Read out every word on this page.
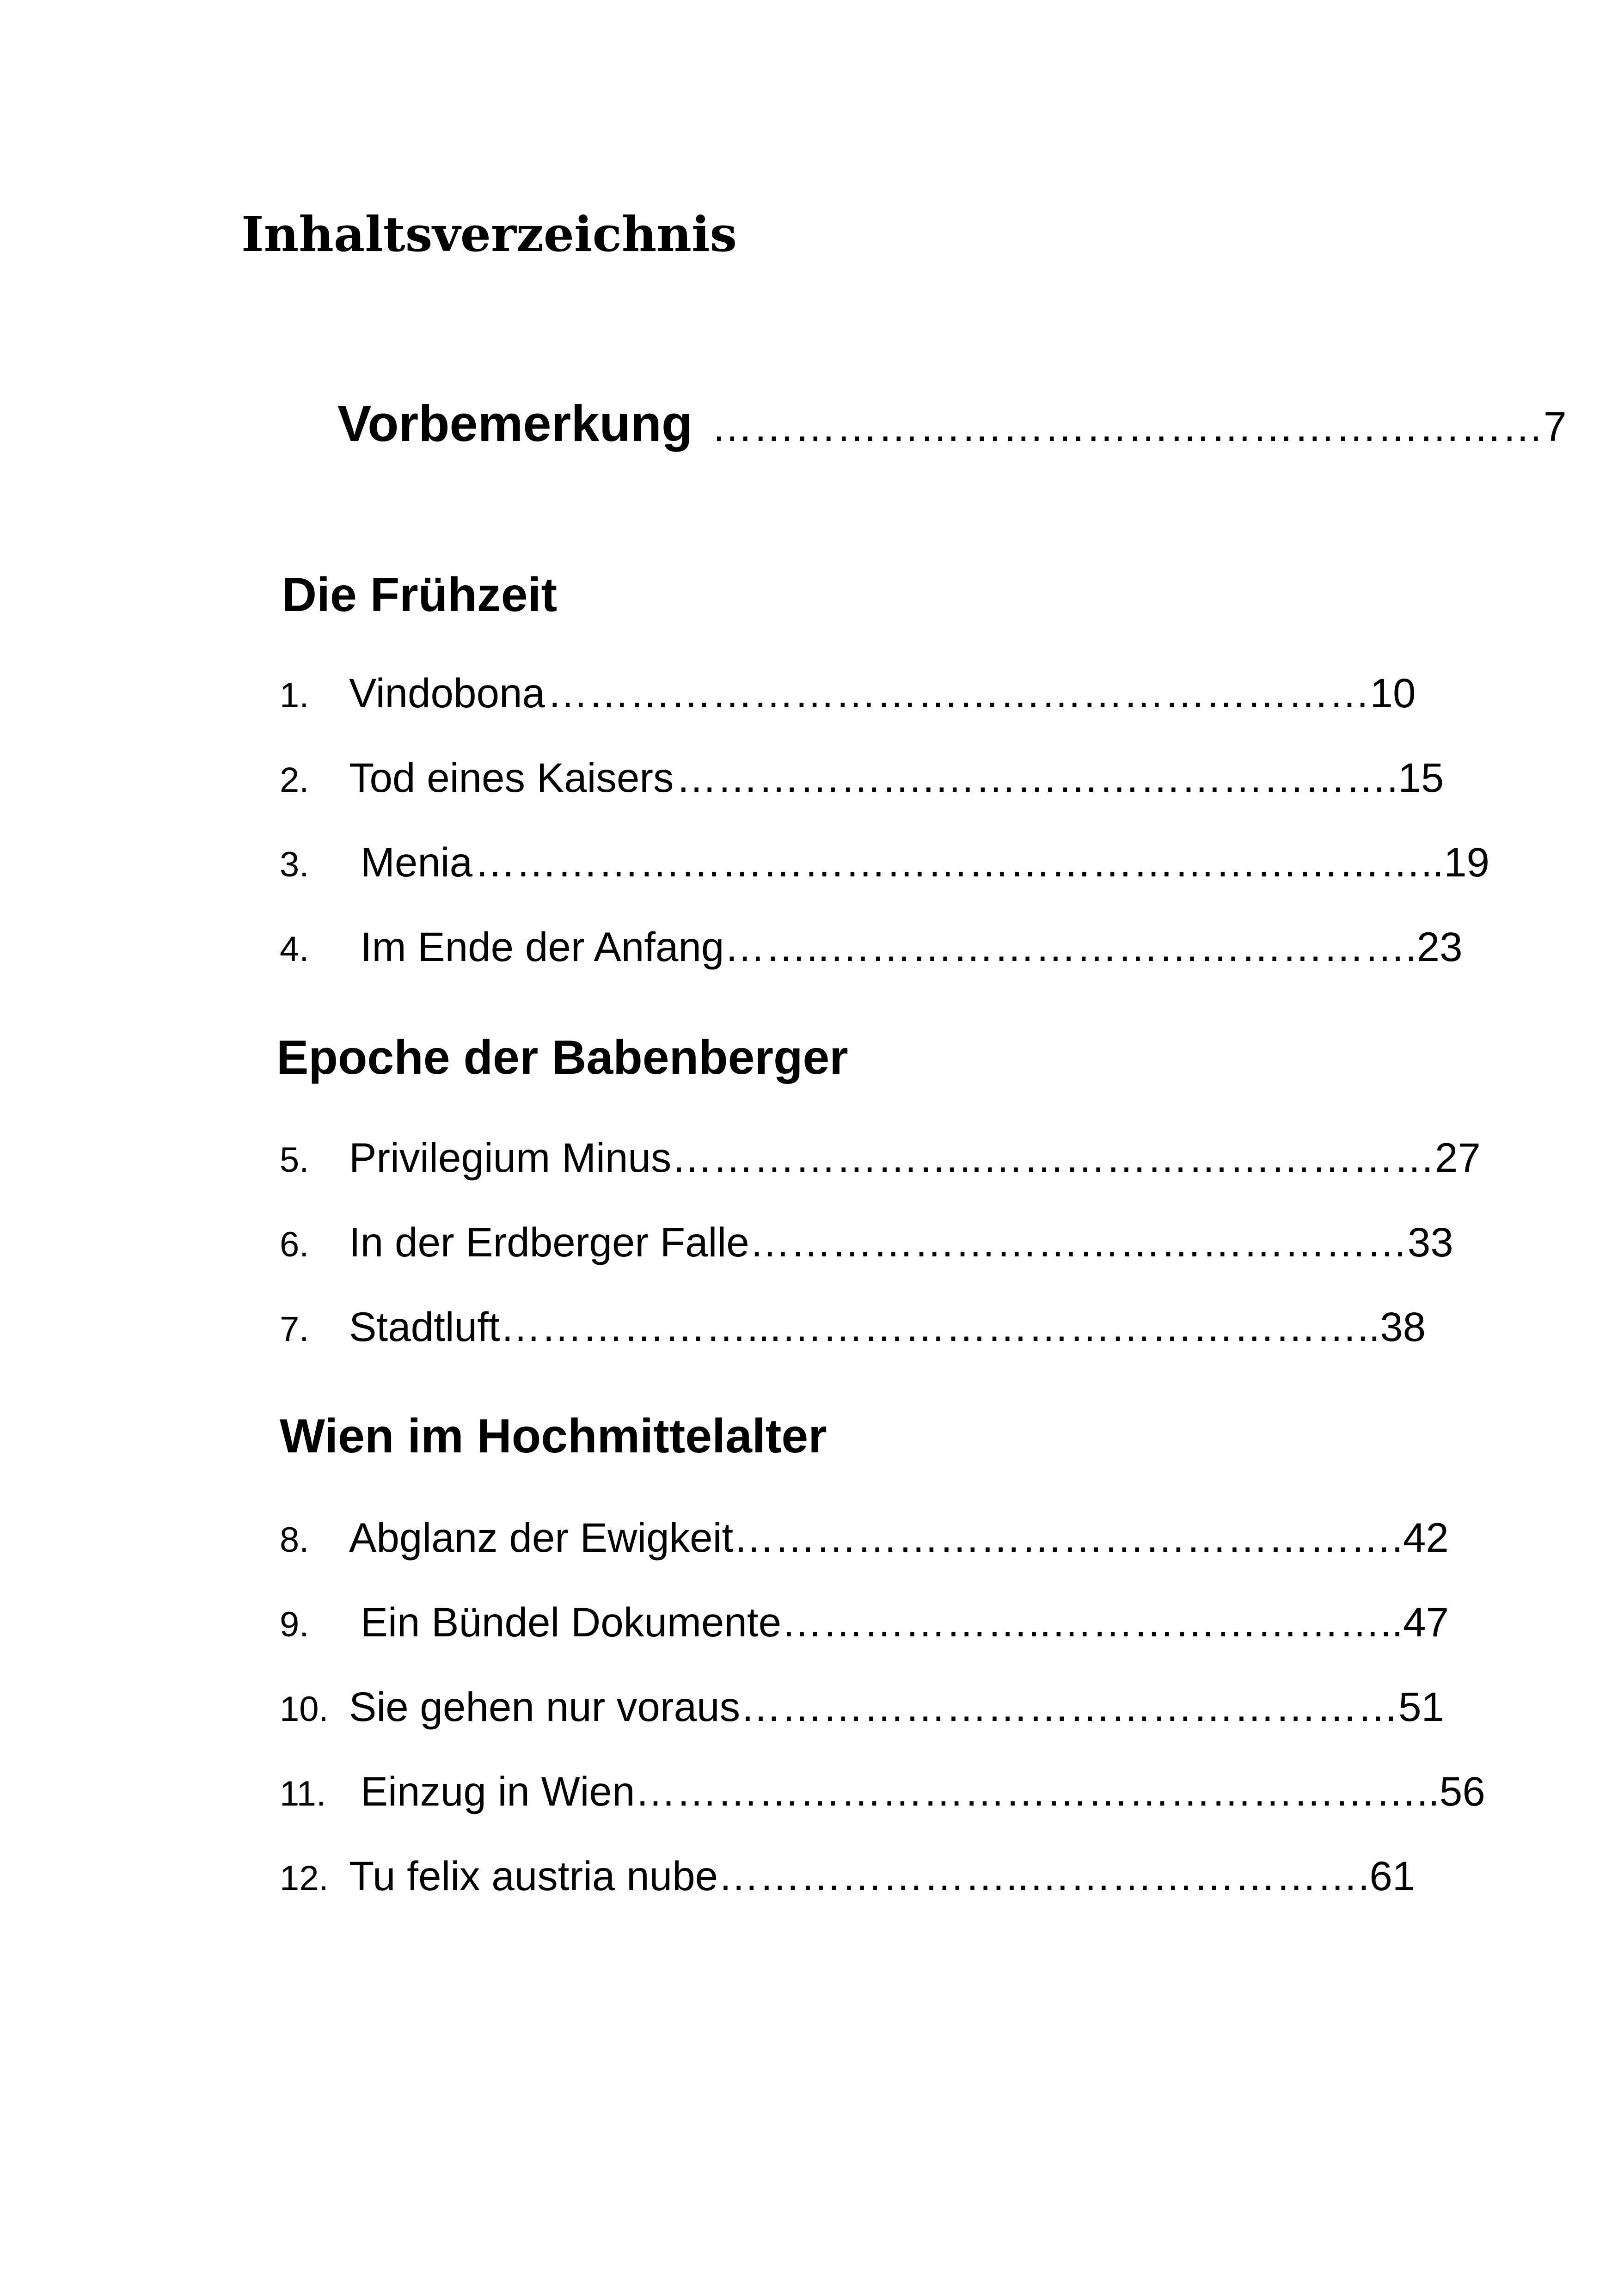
Inhaltsverzeichnis

Vorbemerkung ……………………………………………………7

Die Frühzeit

1. Vindobona ……………………………………………………10

2. Tod eines Kaisers ……………….…………………………….15

3. Menia ……………………………………………………………..19

4. Im Ende der Anfang……..…………………………………….23

Epoche der Babenberger

5. Privilegium Minus…………………..……………………………27

6. In der Erdberger Falle…………………………………………33

7. Stadtluft………………...……………………………………..38

Wien im Hochmittelalter

8. Abglanz der Ewigkeit………………………………………….42

9. Ein Bündel Dokumente………………..……………………..47

10. Sie gehen nur voraus…………………………………………51

11. Einzug in Wien…………………………………………………..56

12. Tu felix austria nube…………………..…………………….61
